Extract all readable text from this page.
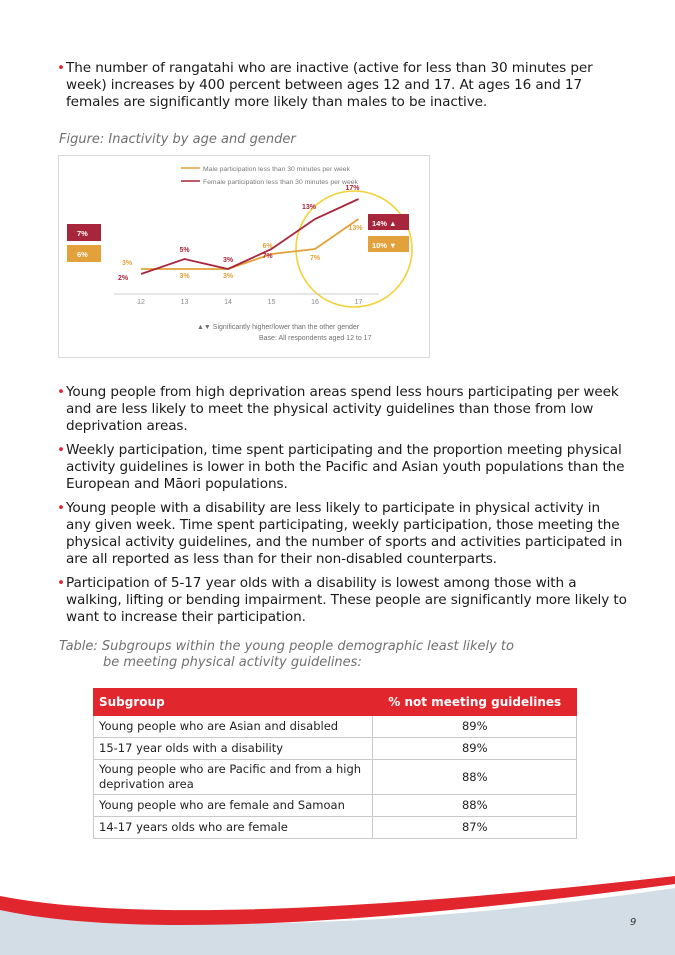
• The number of rangatahi who are inactive (active for less than 30 minutes per week) increases by 400 percent between ages 12 and 17. At ages 16 and 17 females are significantly more likely than males to be inactive.
Figure: Inactivity by age and gender
Male participation less than 30 minutes per week
Female participation less than 30 minutes per week
7%
6%
12	13	14	15	16	17
3%
3%	3%
6%
7%
13%
2%
5%
3%
7%
13%
17%
14% ▲
10% ▼
▲▼ Significantly higher/lower than the other gender
Base: All respondents aged 12 to 17
• Young people from high deprivation areas spend less hours participating per week and are less likely to meet the physical activity guidelines than those from low deprivation areas.
• Weekly participation, time spent participating and the proportion meeting physical activity guidelines is lower in both the Pacific and Asian youth populations than the European and Māori populations.
• Young people with a disability are less likely to participate in physical activity in any given week. Time spent participating, weekly participation, those meeting the physical activity guidelines, and the number of sports and activities participated in are all reported as less than for their non-disabled counterparts.
• Participation of 5-17 year olds with a disability is lowest among those with a walking, lifting or bending impairment. These people are significantly more likely to want to increase their participation.
Table: Subgroups within the young people demographic least likely to
be meeting physical activity guidelines:
Subgroup	% not meeting guidelines
Young people who are Asian and disabled	89%
15-17 year olds with a disability	89%
Young people who are Pacific and from a high deprivation area	88%
Young people who are female and Samoan	88%
14-17 years olds who are female	87%
9
